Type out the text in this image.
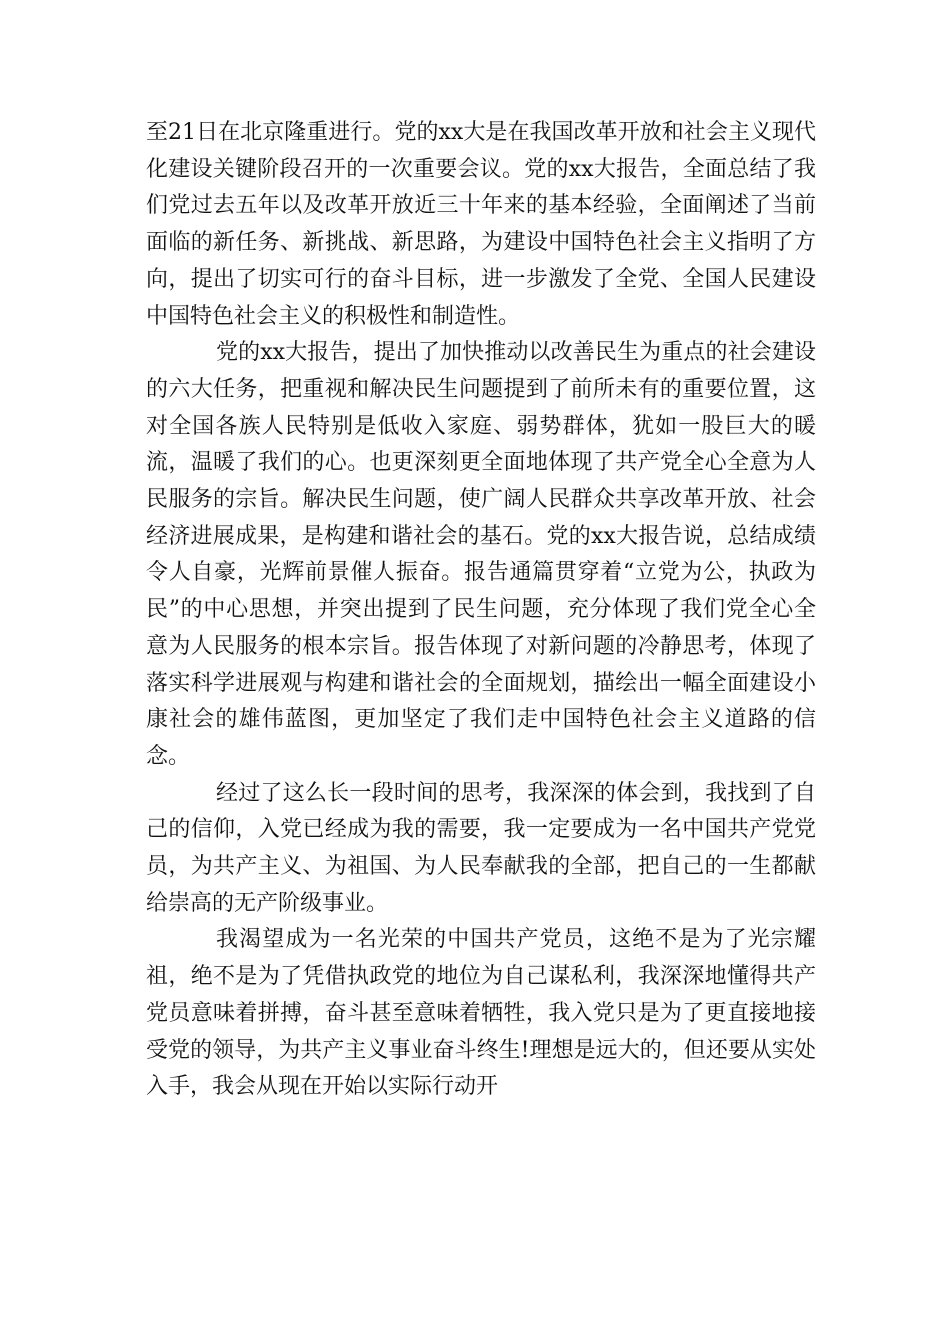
至21日在北京隆重进行。党的xx大是在我国改革开放和社会主义现代化建设关键阶段召开的一次重要会议。党的xx大报告，全面总结了我们党过去五年以及改革开放近三十年来的基本经验，全面阐述了当前面临的新任务、新挑战、新思路，为建设中国特色社会主义指明了方向，提出了切实可行的奋斗目标，进一步激发了全党、全国人民建设中国特色社会主义的积极性和制造性。

党的xx大报告，提出了加快推动以改善民生为重点的社会建设的六大任务，把重视和解决民生问题提到了前所未有的重要位置，这对全国各族人民特别是低收入家庭、弱势群体，犹如一股巨大的暖流，温暖了我们的心。也更深刻更全面地体现了共产党全心全意为人民服务的宗旨。解决民生问题，使广阔人民群众共享改革开放、社会经济进展成果，是构建和谐社会的基石。党的xx大报告说，总结成绩令人自豪，光辉前景催人振奋。报告通篇贯穿着“立党为公，执政为民”的中心思想，并突出提到了民生问题，充分体现了我们党全心全意为人民服务的根本宗旨。报告体现了对新问题的冷静思考，体现了落实科学进展观与构建和谐社会的全面规划，描绘出一幅全面建设小康社会的雄伟蓝图，更加坚定了我们走中国特色社会主义道路的信念。

经过了这么长一段时间的思考，我深深的体会到，我找到了自己的信仰，入党已经成为我的需要，我一定要成为一名中国共产党党员，为共产主义、为祖国、为人民奉献我的全部，把自己的一生都献给崇高的无产阶级事业。

我渴望成为一名光荣的中国共产党员，这绝不是为了光宗耀祖，绝不是为了凭借执政党的地位为自己谋私利，我深深地懂得共产党员意味着拼搏，奋斗甚至意味着牺牲，我入党只是为了更直接地接受党的领导，为共产主义事业奋斗终生!理想是远大的，但还要从实处入手，我会从现在开始以实际行动开
